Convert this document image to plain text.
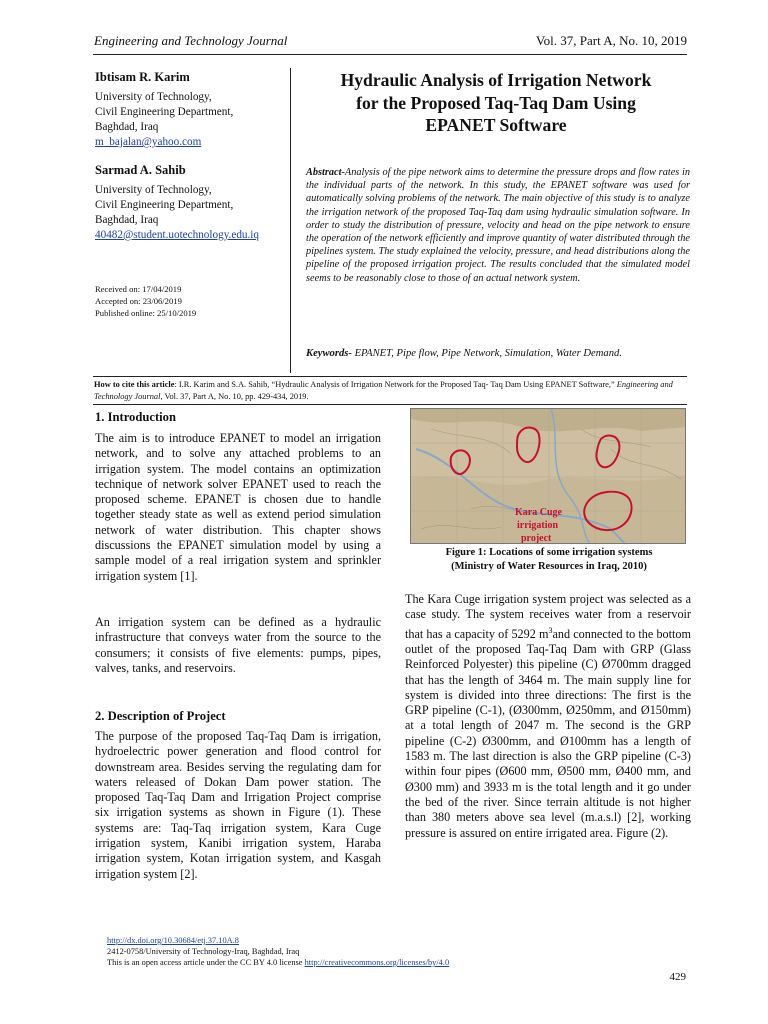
Engineering and Technology Journal	Vol. 37, Part A, No. 10, 2019
Ibtisam R. Karim
University of Technology,
Civil Engineering Department,
Baghdad, Iraq
m_bajalan@yahoo.com
Sarmad A. Sahib
University of Technology,
Civil Engineering Department,
Baghdad, Iraq
40482@student.uotechnology.edu.iq
Received on: 17/04/2019
Accepted on: 23/06/2019
Published online: 25/10/2019
Hydraulic Analysis of Irrigation Network
for the Proposed Taq-Taq Dam Using
EPANET Software
Abstract-Analysis of the pipe network aims to determine the pressure drops and flow rates in the individual parts of the network. In this study, the EPANET software was used for automatically solving problems of the network. The main objective of this study is to analyze the irrigation network of the proposed Taq-Taq dam using hydraulic simulation software. In order to study the distribution of pressure, velocity and head on the pipe network to ensure the operation of the network efficiently and improve quantity of water distributed through the pipelines system. The study explained the velocity, pressure, and head distributions along the pipeline of the proposed irrigation project. The results concluded that the simulated model seems to be reasonably close to those of an actual network system.
Keywords- EPANET, Pipe flow, Pipe Network, Simulation, Water Demand.
How to cite this article: I.R. Karim and S.A. Sahib, “Hydraulic Analysis of Irrigation Network for the Proposed Taq- Taq Dam Using EPANET Software,” Engineering and Technology Journal, Vol. 37, Part A, No. 10, pp. 429-434, 2019.
1. Introduction
The aim is to introduce EPANET to model an irrigation network, and to solve any attached problems to an irrigation system. The model contains an optimization technique of network solver EPANET used to reach the proposed scheme. EPANET is chosen due to handle together steady state as well as extend period simulation network of water distribution. This chapter shows discussions the EPANET simulation model by using a sample model of a real irrigation system and sprinkler irrigation system [1].
An irrigation system can be defined as a hydraulic infrastructure that conveys water from the source to the consumers; it consists of five elements: pumps, pipes, valves, tanks, and reservoirs.
2. Description of Project
The purpose of the proposed Taq-Taq Dam is irrigation, hydroelectric power generation and flood control for downstream area. Besides serving the regulating dam for waters released of Dokan Dam power station. The proposed Taq-Taq Dam and Irrigation Project comprise six irrigation systems as shown in Figure (1). These systems are: Taq-Taq irrigation system, Kara Cuge irrigation system, Kanibi irrigation system, Haraba irrigation system, Kotan irrigation system, and Kasgah irrigation system [2].
Kara Cuge
irrigation
project
Figure 1: Locations of some irrigation systems
(Ministry of Water Resources in Iraq, 2010)
The Kara Cuge irrigation system project was selected as a case study. The system receives water from a reservoir that has a capacity of 5292 $m^3and$ connected to the bottom outlet of the proposed Taq-Taq Dam with GRP (Glass Reinforced Polyester) this pipeline (C) Ø700mm dragged that has the length of 3464 m. The main supply line for system is divided into three directions: The first is the GRP pipeline (C-1), (Ø300mm, Ø250mm, and Ø150mm) at a total length of 2047 m. The second is the GRP pipeline (C-2) Ø300mm, and Ø100mm has a length of 1583 m. The last direction is also the GRP pipeline (C-3) within four pipes (Ø600 mm, Ø500 mm, Ø400 mm, and Ø300 mm) and 3933 m is the total length and it go under the bed of the river. Since terrain altitude is not higher than 380 meters above sea level (m.a.s.l) [2], working pressure is assured on entire irrigated area. Figure (2).
http://dx.doi.org/10.30684/etj.37.10A.8
2412-0758/University of Technology-Iraq, Baghdad, Iraq
This is an open access article under the CC BY 4.0 license http://creativecommons.org/licenses/by/4.0
429
